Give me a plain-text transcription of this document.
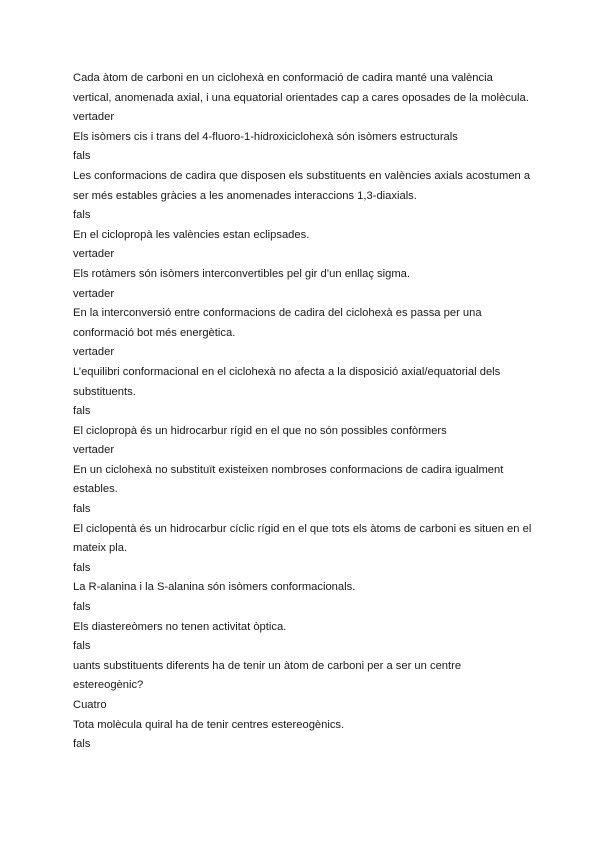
Cada àtom de carboni en un ciclohexà en conformació de cadira manté una valència vertical, anomenada axial, i una equatorial orientades cap a cares oposades de la molècula.

vertader

Els isòmers cis i trans del 4-fluoro-1-hidroxiciclohexà són isòmers estructurals

fals

Les conformacions de cadira que disposen els substituents en valències axials acostumen a ser més estables gràcies a les anomenades interaccions 1,3-diaxials.

fals

En el ciclopropà les valències estan eclipsades.

vertader

Els rotàmers són isòmers interconvertibles pel gir d’un enllaç sigma.

vertader

En la interconversió entre conformacions de cadira del ciclohexà es passa per una conformació bot més energètica.

vertader

L’equilibri conformacional en el ciclohexà no afecta a la disposició axial/equatorial dels substituents.

fals

El ciclopropà és un hidrocarbur rígid en el que no són possibles confòrmers

vertader

En un ciclohexà no substituït existeixen nombroses conformacions de cadira igualment estables.

fals

El ciclopentà és un hidrocarbur cíclic rígid en el que tots els àtoms de carboni es situen en el mateix pla.

fals

La R-alanina i la S-alanina són isòmers conformacionals.

fals

Els diastereòmers no tenen activitat òptica.

fals

uants substituents diferents ha de tenir un àtom de carboni per a ser un centre estereogènic?

Cuatro

Tota molècula quiral ha de tenir centres estereogènics.

fals
